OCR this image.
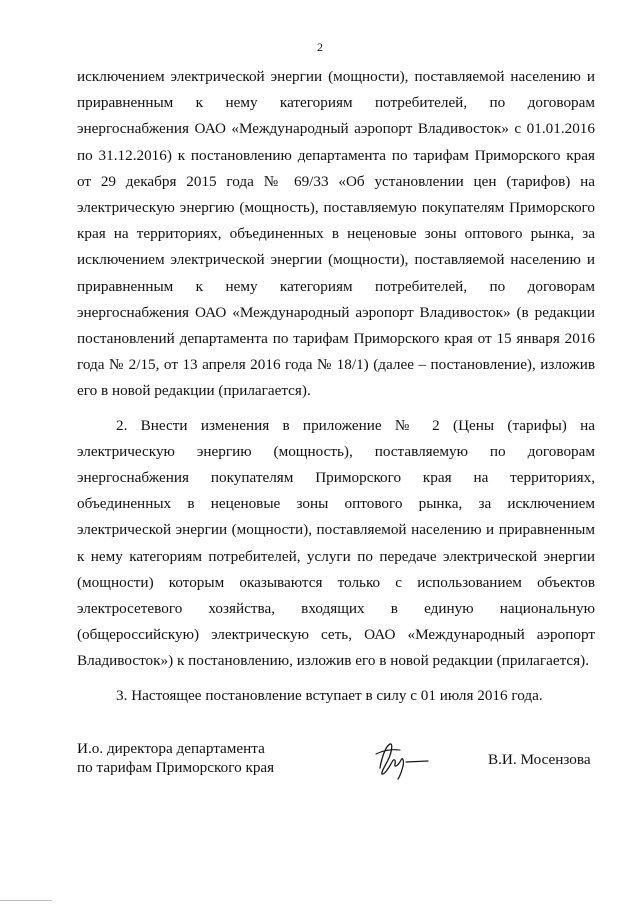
2

исключением электрической энергии (мощности), поставляемой населению и приравненным к нему категориям потребителей, по договорам энергоснабжения ОАО «Международный аэропорт Владивосток» с 01.01.2016 по 31.12.2016) к постановлению департамента по тарифам Приморского края от 29 декабря 2015 года № 69/33 «Об установлении цен (тарифов) на электрическую энергию (мощность), поставляемую покупателям Приморского края на территориях, объединенных в неценовые зоны оптового рынка, за исключением электрической энергии (мощности), поставляемой населению и приравненным к нему категориям потребителей, по договорам энергоснабжения ОАО «Международный аэропорт Владивосток» (в редакции постановлений департамента по тарифам Приморского края от 15 января 2016 года № 2/15, от 13 апреля 2016 года № 18/1) (далее – постановление), изложив его в новой редакции (прилагается).

2. Внести изменения в приложение № 2 (Цены (тарифы) на электрическую энергию (мощность), поставляемую по договорам энергоснабжения покупателям Приморского края на территориях, объединенных в неценовые зоны оптового рынка, за исключением электрической энергии (мощности), поставляемой населению и приравненным к нему категориям потребителей, услуги по передаче электрической энергии (мощности) которым оказываются только с использованием объектов электросетевого хозяйства, входящих в единую национальную (общероссийскую) электрическую сеть, ОАО «Международный аэропорт Владивосток») к постановлению, изложив его в новой редакции (прилагается).

3. Настоящее постановление вступает в силу с 01 июля 2016 года.

И.о. директора департамента
по тарифам Приморского края	В.И. Мосензова
